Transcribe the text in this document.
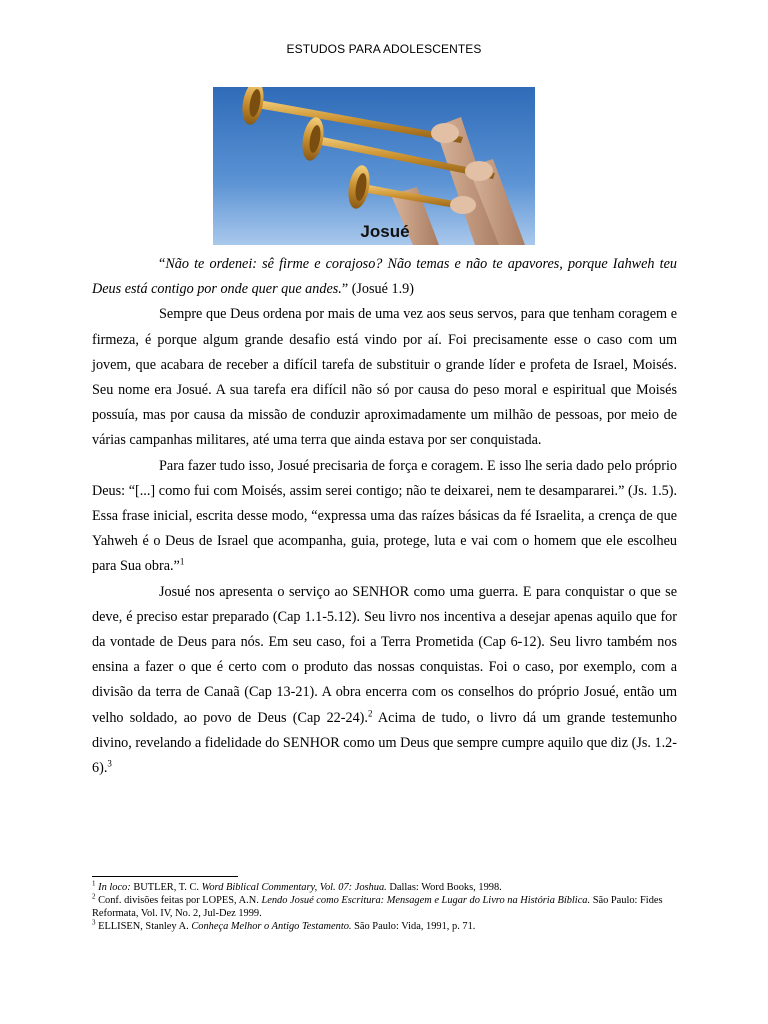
ESTUDOS PARA ADOLESCENTES
Josué

“Não te ordenei: sê firme e corajoso? Não temas e não te apavores, porque Iahweh teu Deus está contigo por onde quer que andes.” (Josué 1.9)

Sempre que Deus ordena por mais de uma vez aos seus servos, para que tenham coragem e firmeza, é porque algum grande desafio está vindo por aí. Foi precisamente esse o caso com um jovem, que acabara de receber a difícil tarefa de substituir o grande líder e profeta de Israel, Moisés. Seu nome era Josué. A sua tarefa era difícil não só por causa do peso moral e espiritual que Moisés possuía, mas por causa da missão de conduzir aproximadamente um milhão de pessoas, por meio de várias campanhas militares, até uma terra que ainda estava por ser conquistada.

Para fazer tudo isso, Josué precisaria de força e coragem. E isso lhe seria dado pelo próprio Deus: “[...] como fui com Moisés, assim serei contigo; não te deixarei, nem te desampararei.” (Js. 1.5). Essa frase inicial, escrita desse modo, “expressa uma das raízes básicas da fé Israelita, a crença de que Yahweh é o Deus de Israel que acompanha, guia, protege, luta e vai com o homem que ele escolheu para Sua obra.”$^1$

Josué nos apresenta o serviço ao SENHOR como uma guerra. E para conquistar o que se deve, é preciso estar preparado (Cap 1.1-5.12). Seu livro nos incentiva a desejar apenas aquilo que for da vontade de Deus para nós. Em seu caso, foi a Terra Prometida (Cap 6-12). Seu livro também nos ensina a fazer o que é certo com o produto das nossas conquistas. Foi o caso, por exemplo, com a divisão da terra de Canaã (Cap 13-21). A obra encerra com os conselhos do próprio Josué, então um velho soldado, ao povo de Deus (Cap 22-24).$^2$ Acima de tudo, o livro dá um grande testemunho divino, revelando a fidelidade do SENHOR como um Deus que sempre cumpre aquilo que diz (Js. 1.2-6).$^3$

$^1$ In loco: BUTLER, T. C. Word Biblical Commentary, Vol. 07: Joshua. Dallas: Word Books, 1998.

$^2$ Conf. divisões feitas por LOPES, A.N. Lendo Josué como Escritura: Mensagem e Lugar do Livro na História Bíblica. São Paulo: Fides Reformata, Vol. IV, No. 2, Jul-Dez 1999.

$^3$ ELLISEN, Stanley A. Conheça Melhor o Antigo Testamento. São Paulo: Vida, 1991, p. 71.
